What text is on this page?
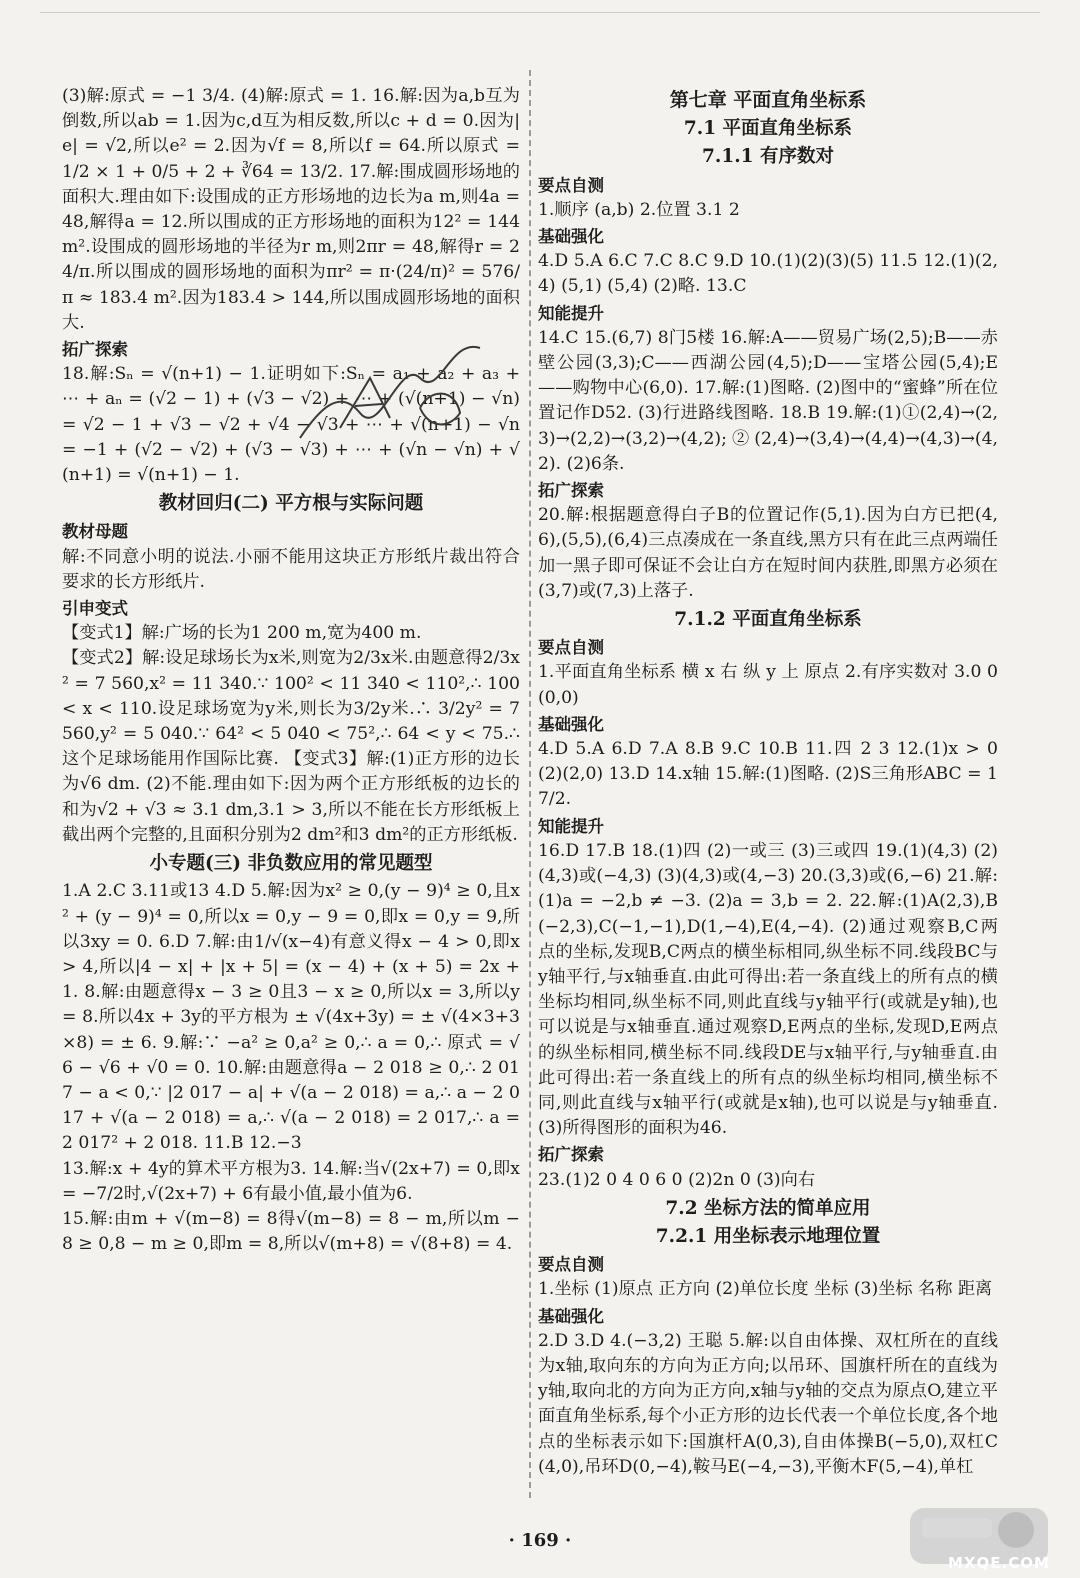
(3)解:原式 = −1 3/4. (4)解:原式 = 1. 16.解:因为a,b互为倒数,所以ab = 1.因为c,d互为相反数,所以c + d = 0.因为|e| = √2,所以e² = 2.因为√f = 8,所以f = 64.所以原式 = 1/2 × 1 + 0/5 + 2 + ∛64 = 13/2. 17.解:围成圆形场地的面积大.理由如下:设围成的正方形场地的边长为a m,则4a = 48,解得a = 12.所以围成的正方形场地的面积为12² = 144 m².设围成的圆形场地的半径为r m,则2πr = 48,解得r = 24/π.所以围成的圆形场地的面积为πr² = π·(24/π)² = 576/π ≈ 183.4 m².因为183.4 > 144,所以围成圆形场地的面积大.

拓广探索

18.解:Sₙ = √(n+1) − 1.证明如下:Sₙ = a₁ + a₂ + a₃ + ⋯ + aₙ = (√2 − 1) + (√3 − √2) + ⋯ + (√(n+1) − √n) = √2 − 1 + √3 − √2 + √4 − √3 + ⋯ + √(n+1) − √n = −1 + (√2 − √2) + (√3 − √3) + ⋯ + (√n − √n) + √(n+1) = √(n+1) − 1.

教材回归(二) 平方根与实际问题
教材母题

解:不同意小明的说法.小丽不能用这块正方形纸片裁出符合要求的长方形纸片.

引申变式

【变式1】解:广场的长为1 200 m,宽为400 m.

【变式2】解:设足球场长为x米,则宽为2/3x米.由题意得2/3x² = 7 560,x² = 11 340.∵ 100² < 11 340 < 110²,∴ 100 < x < 110.设足球场宽为y米,则长为3/2y米.∴ 3/2y² = 7 560,y² = 5 040.∵ 64² < 5 040 < 75²,∴ 64 < y < 75.∴ 这个足球场能用作国际比赛. 【变式3】解:(1)正方形的边长为√6 dm. (2)不能.理由如下:因为两个正方形纸板的边长的和为√2 + √3 ≈ 3.1 dm,3.1 > 3,所以不能在长方形纸板上截出两个完整的,且面积分别为2 dm²和3 dm²的正方形纸板.

小专题(三) 非负数应用的常见题型

1.A 2.C 3.11或13 4.D 5.解:因为x² ≥ 0,(y − 9)⁴ ≥ 0,且x² + (y − 9)⁴ = 0,所以x = 0,y − 9 = 0,即x = 0,y = 9,所以3xy = 0. 6.D 7.解:由1/√(x−4)有意义得x − 4 > 0,即x > 4,所以|4 − x| + |x + 5| = (x − 4) + (x + 5) = 2x + 1. 8.解:由题意得x − 3 ≥ 0且3 − x ≥ 0,所以x = 3,所以y = 8.所以4x + 3y的平方根为 ± √(4x+3y) = ± √(4×3+3×8) = ± 6. 9.解:∵ −a² ≥ 0,a² ≥ 0,∴ a = 0,∴ 原式 = √6 − √6 + √0 = 0. 10.解:由题意得a − 2 018 ≥ 0,∴ 2 017 − a < 0,∵ |2 017 − a| + √(a − 2 018) = a,∴ a − 2 017 + √(a − 2 018) = a,∴ √(a − 2 018) = 2 017,∴ a = 2 017² + 2 018. 11.B 12.−3

13.解:x + 4y的算术平方根为3. 14.解:当√(2x+7) = 0,即x = −7/2时,√(2x+7) + 6有最小值,最小值为6.

15.解:由m + √(m−8) = 8得√(m−8) = 8 − m,所以m − 8 ≥ 0,8 − m ≥ 0,即m = 8,所以√(m+8) = √(8+8) = 4.

第七章 平面直角坐标系
7.1 平面直角坐标系
7.1.1 有序数对
要点自测

1.顺序 (a,b) 2.位置 3.1 2

基础强化

4.D 5.A 6.C 7.C 8.C 9.D 10.(1)(2)(3)(5) 11.5 12.(1)(2,4) (5,1) (5,4) (2)略. 13.C

知能提升

14.C 15.(6,7) 8门5楼 16.解:A——贸易广场(2,5);B——赤壁公园(3,3);C——西湖公园(4,5);D——宝塔公园(5,4);E——购物中心(6,0). 17.解:(1)图略. (2)图中的“蜜蜂”所在位置记作D52. (3)行进路线图略. 18.B 19.解:(1)①(2,4)→(2,3)→(2,2)→(3,2)→(4,2);②(2,4)→(3,4)→(4,4)→(4,3)→(4,2). (2)6条.

拓广探索

20.解:根据题意得白子B的位置记作(5,1).因为白方已把(4,6),(5,5),(6,4)三点凑成在一条直线,黑方只有在此三点两端任加一黑子即可保证不会让白方在短时间内获胜,即黑方必须在(3,7)或(7,3)上落子.

7.1.2 平面直角坐标系
要点自测

1.平面直角坐标系 横 x 右 纵 y 上 原点 2.有序实数对 3.0 0 (0,0)

基础强化

4.D 5.A 6.D 7.A 8.B 9.C 10.B 11.四 2 3 12.(1)x > 0 (2)(2,0) 13.D 14.x轴 15.解:(1)图略. (2)S三角形ABC = 17/2.

知能提升

16.D 17.B 18.(1)四 (2)一或三 (3)三或四 19.(1)(4,3) (2)(4,3)或(−4,3) (3)(4,3)或(4,−3) 20.(3,3)或(6,−6) 21.解:(1)a = −2,b ≠ −3. (2)a = 3,b = 2. 22.解:(1)A(2,3),B(−2,3),C(−1,−1),D(1,−4),E(4,−4). (2)通过观察B,C两点的坐标,发现B,C两点的横坐标相同,纵坐标不同.线段BC与y轴平行,与x轴垂直.由此可得出:若一条直线上的所有点的横坐标均相同,纵坐标不同,则此直线与y轴平行(或就是y轴),也可以说是与x轴垂直.通过观察D,E两点的坐标,发现D,E两点的纵坐标相同,横坐标不同.线段DE与x轴平行,与y轴垂直.由此可得出:若一条直线上的所有点的纵坐标均相同,横坐标不同,则此直线与x轴平行(或就是x轴),也可以说是与y轴垂直. (3)所得图形的面积为46.

拓广探索

23.(1)2 0 4 0 6 0 (2)2n 0 (3)向右

7.2 坐标方法的简单应用
7.2.1 用坐标表示地理位置
要点自测

1.坐标 (1)原点 正方向 (2)单位长度 坐标 (3)坐标 名称 距离

基础强化

2.D 3.D 4.(−3,2) 王聪 5.解:以自由体操、双杠所在的直线为x轴,取向东的方向为正方向;以吊环、国旗杆所在的直线为y轴,取向北的方向为正方向,x轴与y轴的交点为原点O,建立平面直角坐标系,每个小正方形的边长代表一个单位长度,各个地点的坐标表示如下:国旗杆A(0,3),自由体操B(−5,0),双杠C(4,0),吊环D(0,−4),鞍马E(−4,−3),平衡木F(5,−4),单杠

· 169 ·
MXQE.COM
